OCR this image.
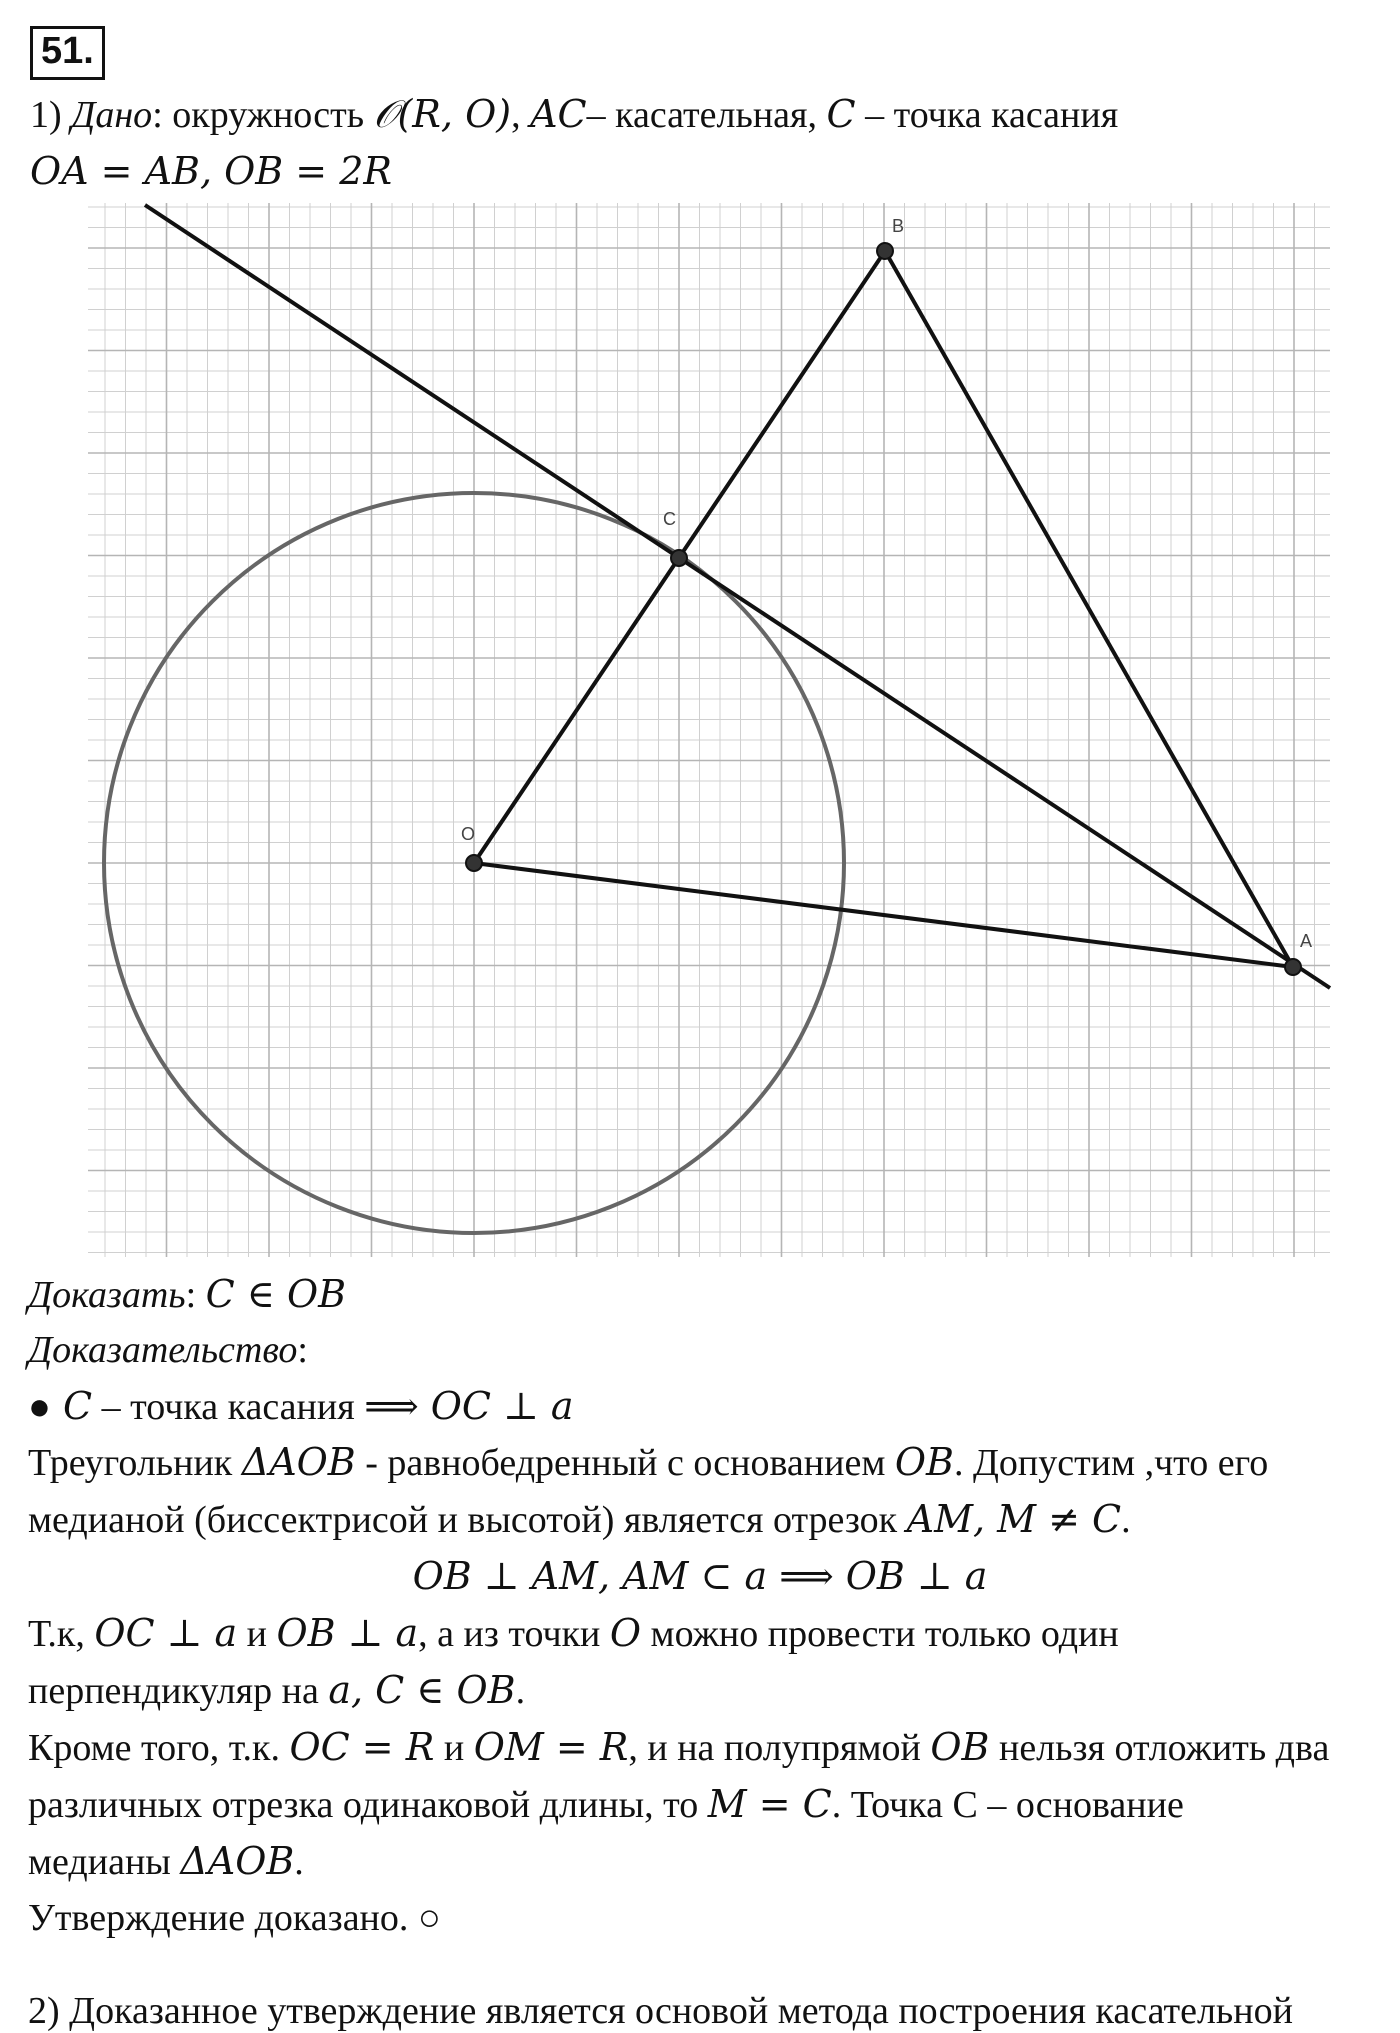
51.
1) Дано: окружность 𝒪(R, O), AC– касательная, C – точка касания
OA = AB, OB = 2R
B
C
O
A
Доказать: C ∈ OB
Доказательство:
● C – точка касания ⟹ OC ⊥ a
Треугольник ΔAOB - равнобедренный с основанием OB. Допустим ,что его
медианой (биссектрисой и высотой) является отрезок AM, M ≠ C.
OB ⊥ AM, AM ⊂ a ⟹ OB ⊥ a
Т.к, OC ⊥ a и OB ⊥ a, а из точки O можно провести только один
перпендикуляр на a, C ∈ OB.
Кроме того, т.к. OC = R и OM = R, и на полупрямой OB нельзя отложить два
различных отрезка одинаковой длины, то M = C. Точка С – основание
медианы ΔAOB.
Утверждение доказано. ○
2) Доказанное утверждение является основой метода построения касательной
